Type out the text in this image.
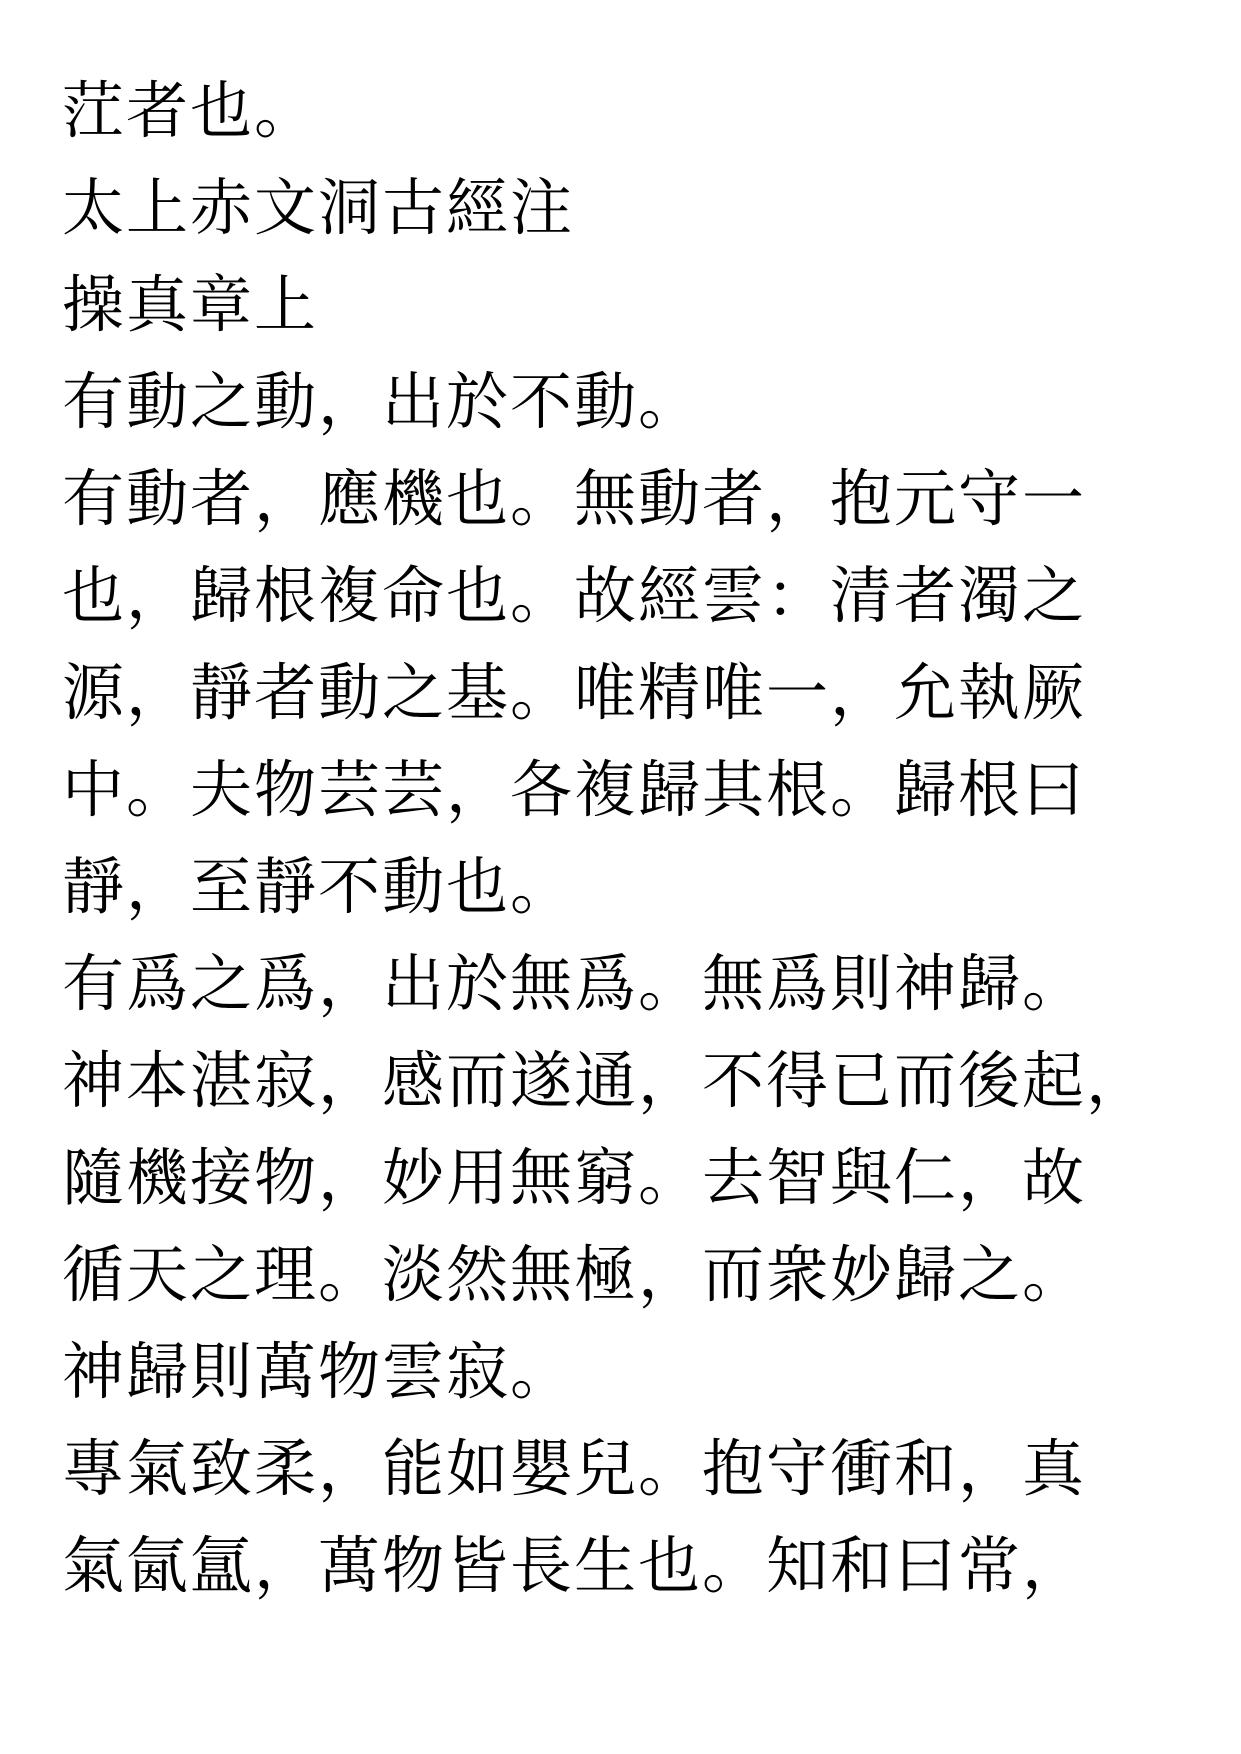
茳者也。
太上赤文洞古經注
操真章上
有動之動，出於不動。
有動者，應機也。無動者，抱元守一
也，歸根複命也。故經雲：清者濁之
源，靜者動之基。唯精唯一，允執厥
中。夫物芸芸，各複歸其根。歸根曰
靜，至靜不動也。
有爲之爲，出於無爲。無爲則神歸。
神本湛寂，感而遂通，不得已而後起，
隨機接物，妙用無窮。去智與仁，故
循天之理。淡然無極，而衆妙歸之。
神歸則萬物雲寂。
專氣致柔，能如嬰兒。抱守衝和，真
氣氤氲，萬物皆長生也。知和曰常，
